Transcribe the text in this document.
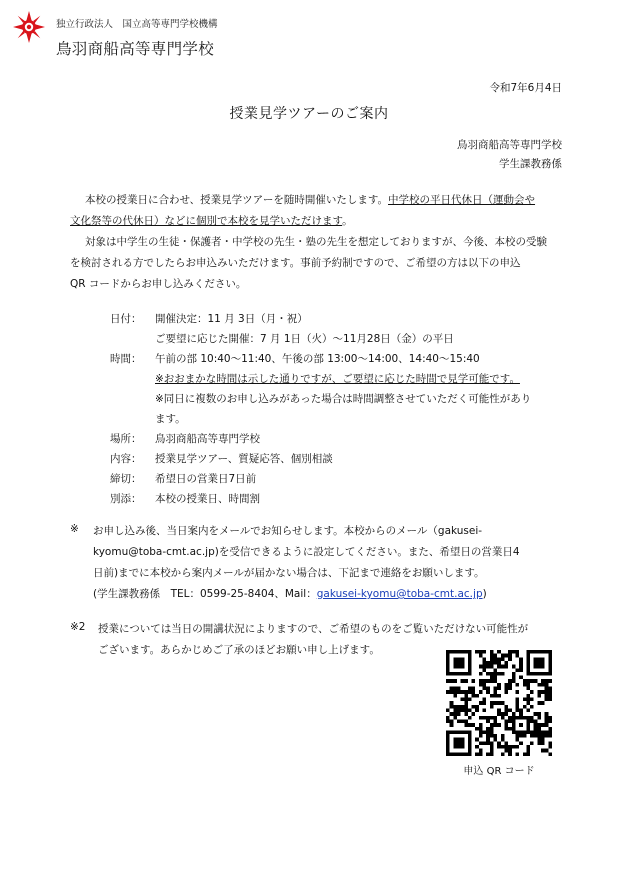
独立行政法人　国立高等専門学校機構
鳥羽商船高等専門学校
令和7年6月4日
授業見学ツアーのご案内
鳥羽商船高等専門学校
学生課教務係
本校の授業日に合わせ、授業見学ツアーを随時開催いたします。中学校の平日代休日（運動会や
文化祭等の代休日）などに個別で本校を見学いただけます。
対象は中学生の生徒・保護者・中学校の先生・塾の先生を想定しておりますが、今後、本校の受験
を検討される方でしたらお申込みいただけます。事前予約制ですので、ご希望の方は以下の申込
QR コードからお申し込みください。
日付： 開催決定：11 月 3日（月・祝）
ご要望に応じた開催：7 月 1日（火）～11月28日（金）の平日
時間： 午前の部 10:40～11:40、午後の部 13:00～14:00、14:40～15:40
※おおまかな時間は示した通りですが、ご要望に応じた時間で見学可能です。
※同日に複数のお申し込みがあった場合は時間調整させていただく可能性があり
ます。
場所： 鳥羽商船高等専門学校
内容： 授業見学ツアー、質疑応答、個別相談
締切： 希望日の営業日7日前
別添： 本校の授業日、時間割
※ お申し込み後、当日案内をメールでお知らせします。本校からのメール（gakusei-
kyomu@toba-cmt.ac.jp)を受信できるように設定してください。また、希望日の営業日4
日前)までに本校から案内メールが届かない場合は、下記まで連絡をお願いします。
(学生課教務係　TEL：0599-25-8404、Mail：gakusei-kyomu@toba-cmt.ac.jp)
※2 授業については当日の開講状況によりますので、ご希望のものをご覧いただけない可能性が
ございます。あらかじめご了承のほどお願い申し上げます。
申込 QR コード
